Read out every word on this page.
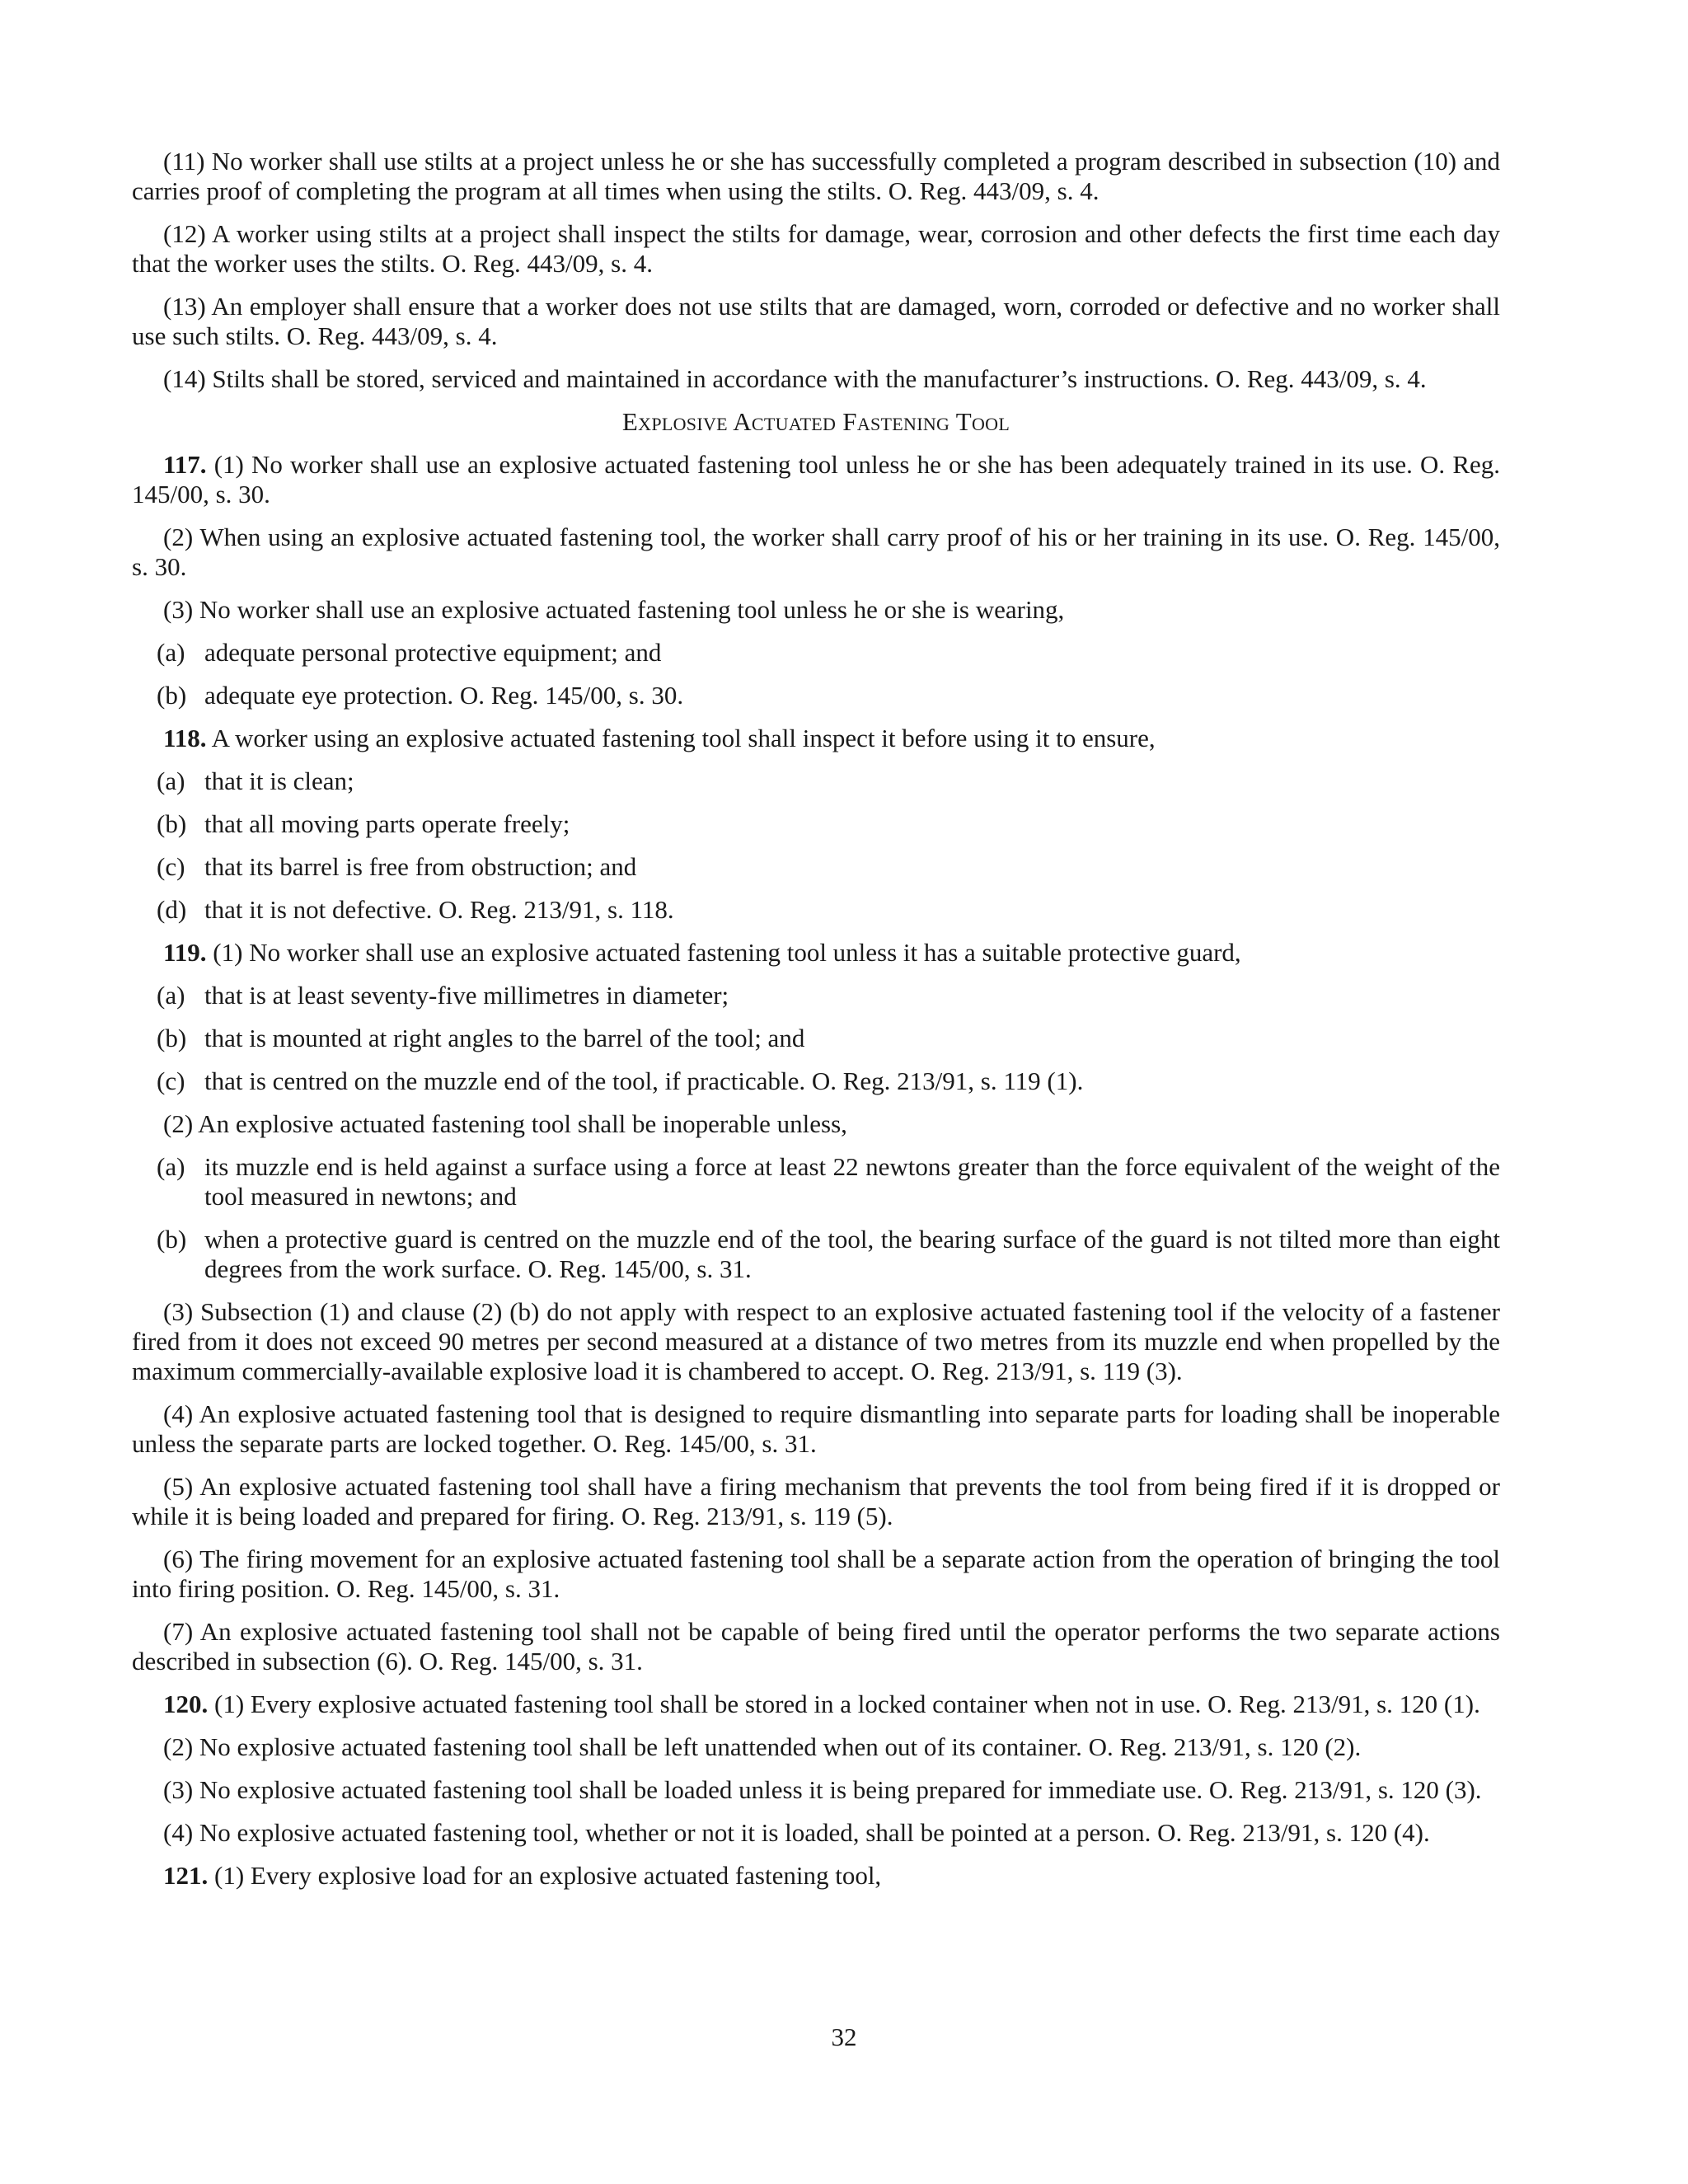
(11) No worker shall use stilts at a project unless he or she has successfully completed a program described in subsection (10) and carries proof of completing the program at all times when using the stilts. O. Reg. 443/09, s. 4.
(12) A worker using stilts at a project shall inspect the stilts for damage, wear, corrosion and other defects the first time each day that the worker uses the stilts. O. Reg. 443/09, s. 4.
(13) An employer shall ensure that a worker does not use stilts that are damaged, worn, corroded or defective and no worker shall use such stilts. O. Reg. 443/09, s. 4.
(14) Stilts shall be stored, serviced and maintained in accordance with the manufacturer’s instructions. O. Reg. 443/09, s. 4.
Explosive Actuated Fastening Tool
117. (1) No worker shall use an explosive actuated fastening tool unless he or she has been adequately trained in its use. O. Reg. 145/00, s. 30.
(2) When using an explosive actuated fastening tool, the worker shall carry proof of his or her training in its use. O. Reg. 145/00, s. 30.
(3) No worker shall use an explosive actuated fastening tool unless he or she is wearing,
(a) adequate personal protective equipment; and
(b) adequate eye protection. O. Reg. 145/00, s. 30.
118. A worker using an explosive actuated fastening tool shall inspect it before using it to ensure,
(a) that it is clean;
(b) that all moving parts operate freely;
(c) that its barrel is free from obstruction; and
(d) that it is not defective. O. Reg. 213/91, s. 118.
119. (1) No worker shall use an explosive actuated fastening tool unless it has a suitable protective guard,
(a) that is at least seventy-five millimetres in diameter;
(b) that is mounted at right angles to the barrel of the tool; and
(c) that is centred on the muzzle end of the tool, if practicable. O. Reg. 213/91, s. 119 (1).
(2) An explosive actuated fastening tool shall be inoperable unless,
(a) its muzzle end is held against a surface using a force at least 22 newtons greater than the force equivalent of the weight of the tool measured in newtons; and
(b) when a protective guard is centred on the muzzle end of the tool, the bearing surface of the guard is not tilted more than eight degrees from the work surface. O. Reg. 145/00, s. 31.
(3) Subsection (1) and clause (2) (b) do not apply with respect to an explosive actuated fastening tool if the velocity of a fastener fired from it does not exceed 90 metres per second measured at a distance of two metres from its muzzle end when propelled by the maximum commercially-available explosive load it is chambered to accept. O. Reg. 213/91, s. 119 (3).
(4) An explosive actuated fastening tool that is designed to require dismantling into separate parts for loading shall be inoperable unless the separate parts are locked together. O. Reg. 145/00, s. 31.
(5) An explosive actuated fastening tool shall have a firing mechanism that prevents the tool from being fired if it is dropped or while it is being loaded and prepared for firing. O. Reg. 213/91, s. 119 (5).
(6) The firing movement for an explosive actuated fastening tool shall be a separate action from the operation of bringing the tool into firing position. O. Reg. 145/00, s. 31.
(7) An explosive actuated fastening tool shall not be capable of being fired until the operator performs the two separate actions described in subsection (6). O. Reg. 145/00, s. 31.
120. (1) Every explosive actuated fastening tool shall be stored in a locked container when not in use. O. Reg. 213/91, s. 120 (1).
(2) No explosive actuated fastening tool shall be left unattended when out of its container. O. Reg. 213/91, s. 120 (2).
(3) No explosive actuated fastening tool shall be loaded unless it is being prepared for immediate use. O. Reg. 213/91, s. 120 (3).
(4) No explosive actuated fastening tool, whether or not it is loaded, shall be pointed at a person. O. Reg. 213/91, s. 120 (4).
121. (1) Every explosive load for an explosive actuated fastening tool,
32
